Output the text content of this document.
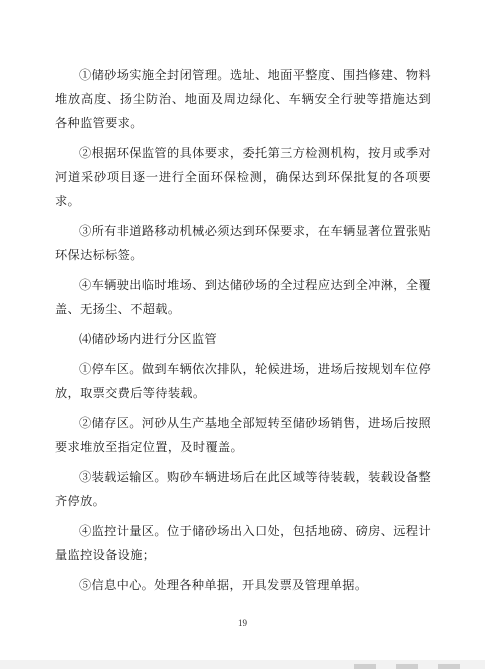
①储砂场实施全封闭管理。选址、地面平整度、围挡修建、物料堆放高度、扬尘防治、地面及周边绿化、车辆安全行驶等措施达到各种监管要求。

②根据环保监管的具体要求，委托第三方检测机构，按月或季对河道采砂项目逐一进行全面环保检测，确保达到环保批复的各项要求。

③所有非道路移动机械必须达到环保要求，在车辆显著位置张贴环保达标标签。

④车辆驶出临时堆场、到达储砂场的全过程应达到全冲淋，全覆盖、无扬尘、不超载。

⑷储砂场内进行分区监管

①停车区。做到车辆依次排队，轮候进场，进场后按规划车位停放，取票交费后等待装载。

②储存区。河砂从生产基地全部短转至储砂场销售，进场后按照要求堆放至指定位置，及时覆盖。

③装载运输区。购砂车辆进场后在此区域等待装载，装载设备整齐停放。

④监控计量区。位于储砂场出入口处，包括地磅、磅房、远程计量监控设备设施；

⑤信息中心。处理各种单据，开具发票及管理单据。

19
